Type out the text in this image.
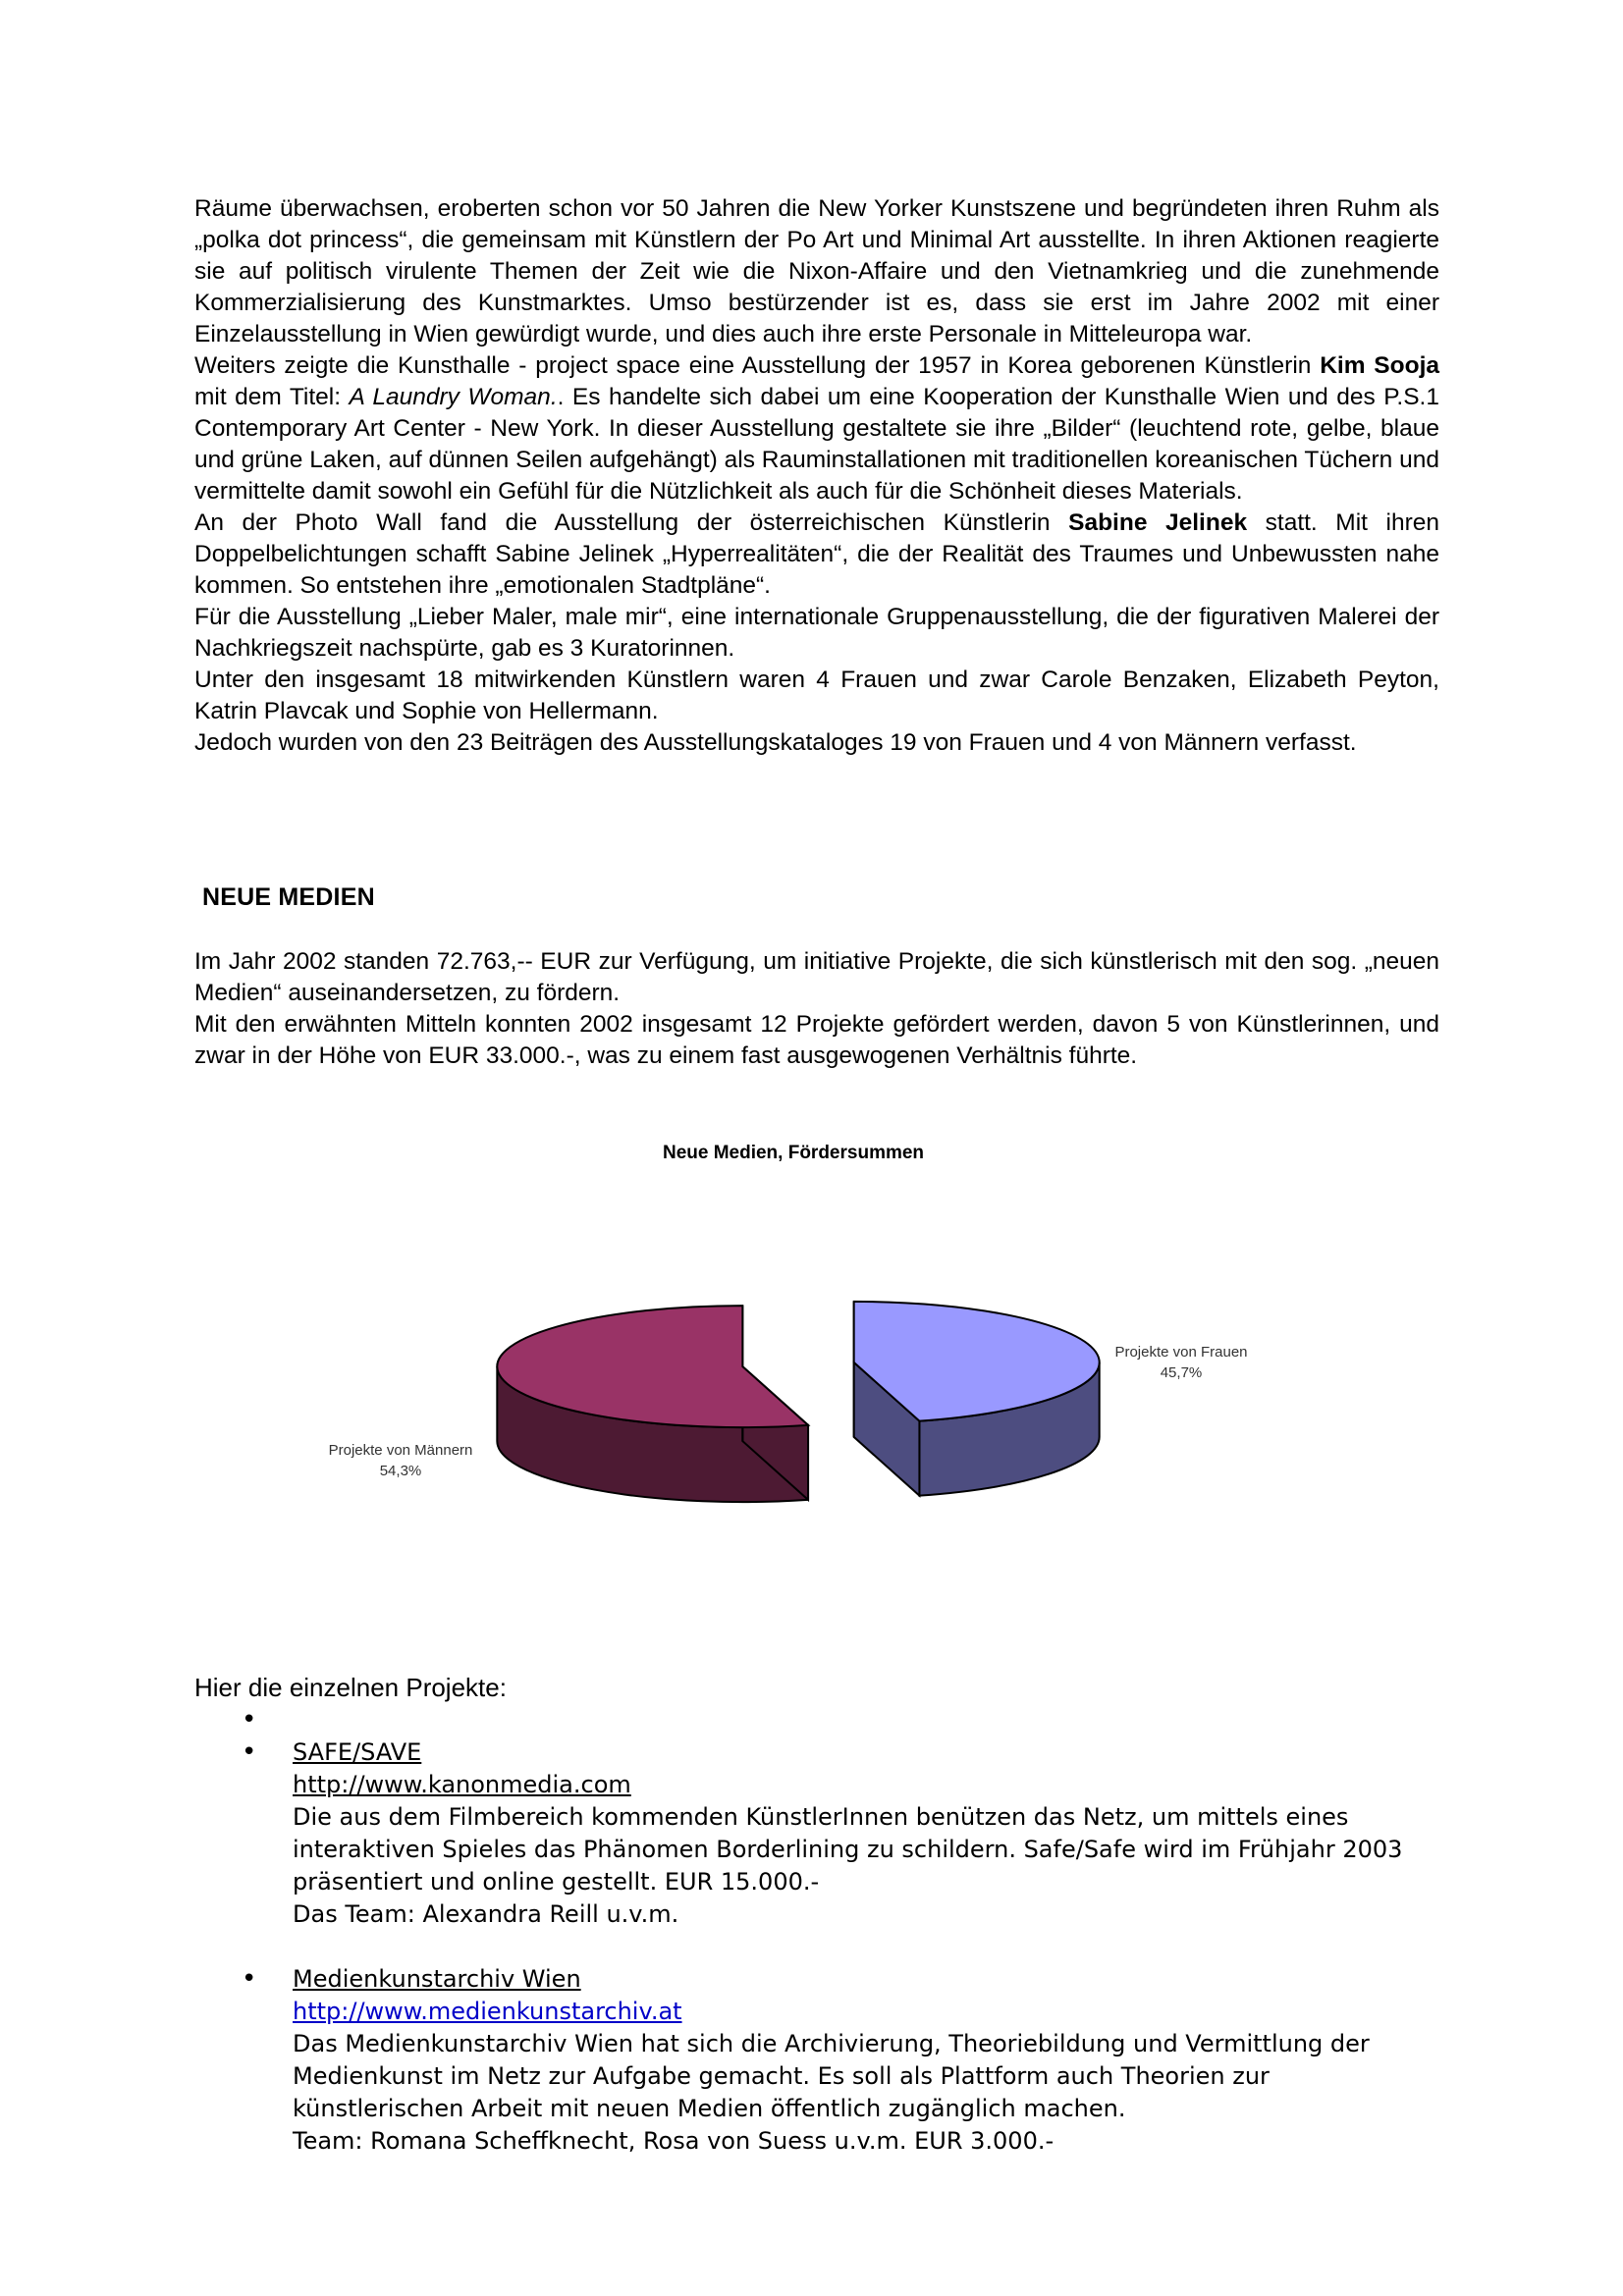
Räume überwachsen, eroberten schon vor 50 Jahren die New Yorker Kunstszene und begründeten ihren Ruhm als „polka dot princess“, die gemeinsam mit Künstlern der Po Art und Minimal Art ausstellte. In ihren Aktionen reagierte sie auf politisch virulente Themen der Zeit wie die Nixon-Affaire und den Vietnamkrieg und die zunehmende Kommerzialisierung des Kunstmarktes. Umso bestürzender ist es, dass sie erst im Jahre 2002 mit einer Einzelausstellung in Wien gewürdigt wurde, und dies auch ihre erste Personale in Mitteleuropa war.

Weiters zeigte die Kunsthalle - project space eine Ausstellung der 1957 in Korea geborenen Künstlerin Kim Sooja mit dem Titel: A Laundry Woman.. Es handelte sich dabei um eine Kooperation der Kunsthalle Wien und des P.S.1 Contemporary Art Center - New York. In dieser Ausstellung gestaltete sie ihre „Bilder“ (leuchtend rote, gelbe, blaue und grüne Laken, auf dünnen Seilen aufgehängt) als Rauminstallationen mit traditionellen koreanischen Tüchern und vermittelte damit sowohl ein Gefühl für die Nützlichkeit als auch für die Schönheit dieses Materials.

An der Photo Wall fand die Ausstellung der österreichischen Künstlerin Sabine Jelinek statt. Mit ihren Doppelbelichtungen schafft Sabine Jelinek „Hyperrealitäten“, die der Realität des Traumes und Unbewussten nahe kommen. So entstehen ihre „emotionalen Stadtpläne“.

Für die Ausstellung „Lieber Maler, male mir“, eine internationale Gruppenausstellung, die der figurativen Malerei der Nachkriegszeit nachspürte, gab es 3 Kuratorinnen.

Unter den insgesamt 18 mitwirkenden Künstlern waren 4 Frauen und zwar Carole Benzaken, Elizabeth Peyton, Katrin Plavcak und Sophie von Hellermann.

Jedoch wurden von den 23 Beiträgen des Ausstellungskataloges 19 von Frauen und 4 von Männern verfasst.

NEUE MEDIEN

Im Jahr 2002 standen 72.763,-- EUR zur Verfügung, um initiative Projekte, die sich künstlerisch mit den sog. „neuen Medien“ auseinandersetzen, zu fördern.

Mit den erwähnten Mitteln konnten 2002 insgesamt 12 Projekte gefördert werden, davon 5 von Künstlerinnen, und zwar in der Höhe von EUR 33.000.-, was zu einem fast ausgewogenen Verhältnis führte.

Neue Medien, Fördersummen
Projekte von Männern
54,3%
Projekte von Frauen
45,7%
Hier die einzelnen Projekte:
•

•	SAFE/SAVE
http://www.kanonmedia.com
Die aus dem Filmbereich kommenden KünstlerInnen benützen das Netz, um mittels eines
interaktiven Spieles das Phänomen Borderlining zu schildern. Safe/Safe wird im Frühjahr 2003
präsentiert und online gestellt. EUR 15.000.-
Das Team: Alexandra Reill u.v.m.
•	Medienkunstarchiv Wien
http://www.medienkunstarchiv.at
Das Medienkunstarchiv Wien hat sich die Archivierung, Theoriebildung und Vermittlung der
Medienkunst im Netz zur Aufgabe gemacht. Es soll als Plattform auch Theorien zur
künstlerischen Arbeit mit neuen Medien öffentlich zugänglich machen.
Team: Romana Scheffknecht, Rosa von Suess u.v.m. EUR 3.000.-
